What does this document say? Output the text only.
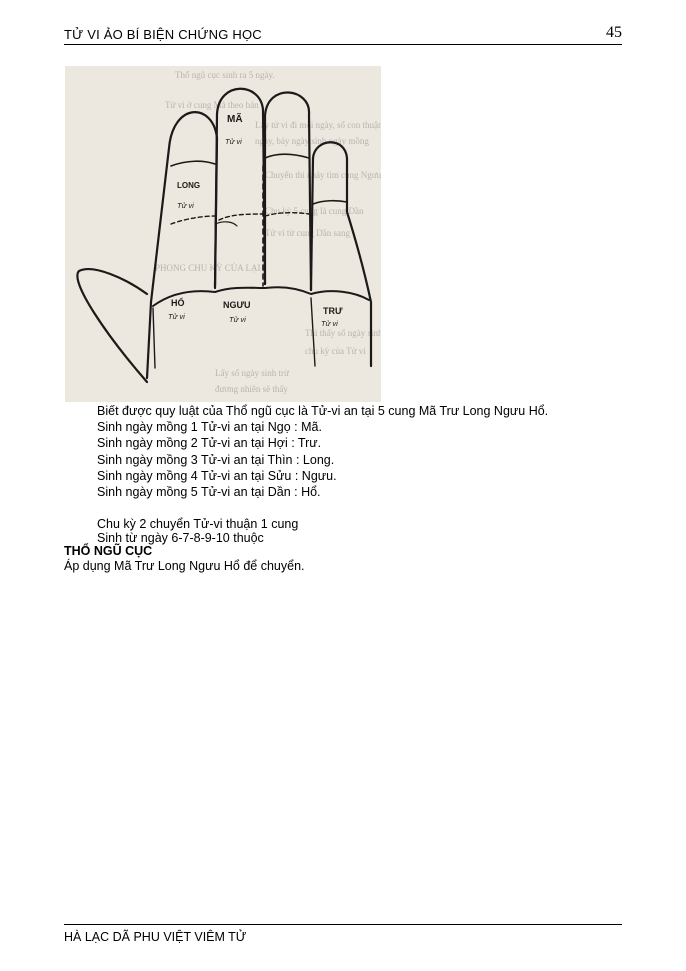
TỬ VI ẢO BÍ BIỆN CHỨNG HỌC	45
Thổ ngũ cục sinh ra 5 ngày.
Tử vi ở cung Mã theo bản
Lấy tử vi đi mỗi ngày, số con thuận
ngày, bảy ngày sinh ngày mồng
Chuyển thì nhảy tìm cung Ngưu
Chu kỳ 5 cung là cung Dần
Tử vi từ cung Dần sang
PHONG CHU KỲ CỦA LẠI
Thì thấy số ngày sinh
chu kỳ của Tử vi
Lấy số ngày sinh trừ
đương nhiên sẽ thấy
MÃ
Tử vi
LONG
Tử vi
HỔ
Tử vi
NGƯU
Tử vi
TRƯ
Tử vi
Biết được quy luật của Thổ ngũ cục là Tử-vi an tại 5 cung Mã Trư Long Ngưu Hổ.
Sinh ngày mồng 1 Tử-vi an tại Ngọ : Mã.
Sinh ngày mồng 2 Tử-vi an tại Hợi : Trư.
Sinh ngày mồng 3 Tử-vi an tại Thìn : Long.
Sinh ngày mồng 4 Tử-vi an tại Sửu : Ngưu.
Sinh ngày mồng 5 Tử-vi an tại Dần : Hổ.
Chu kỳ 2 chuyển Tử-vi thuận 1 cung
Sinh từ ngày 6-7-8-9-10 thuộc
THỔ NGŨ CỤC
Áp dụng Mã Trư Long Ngưu Hổ để chuyển.
HÀ LẠC DÃ PHU VIỆT VIÊM TỬ
